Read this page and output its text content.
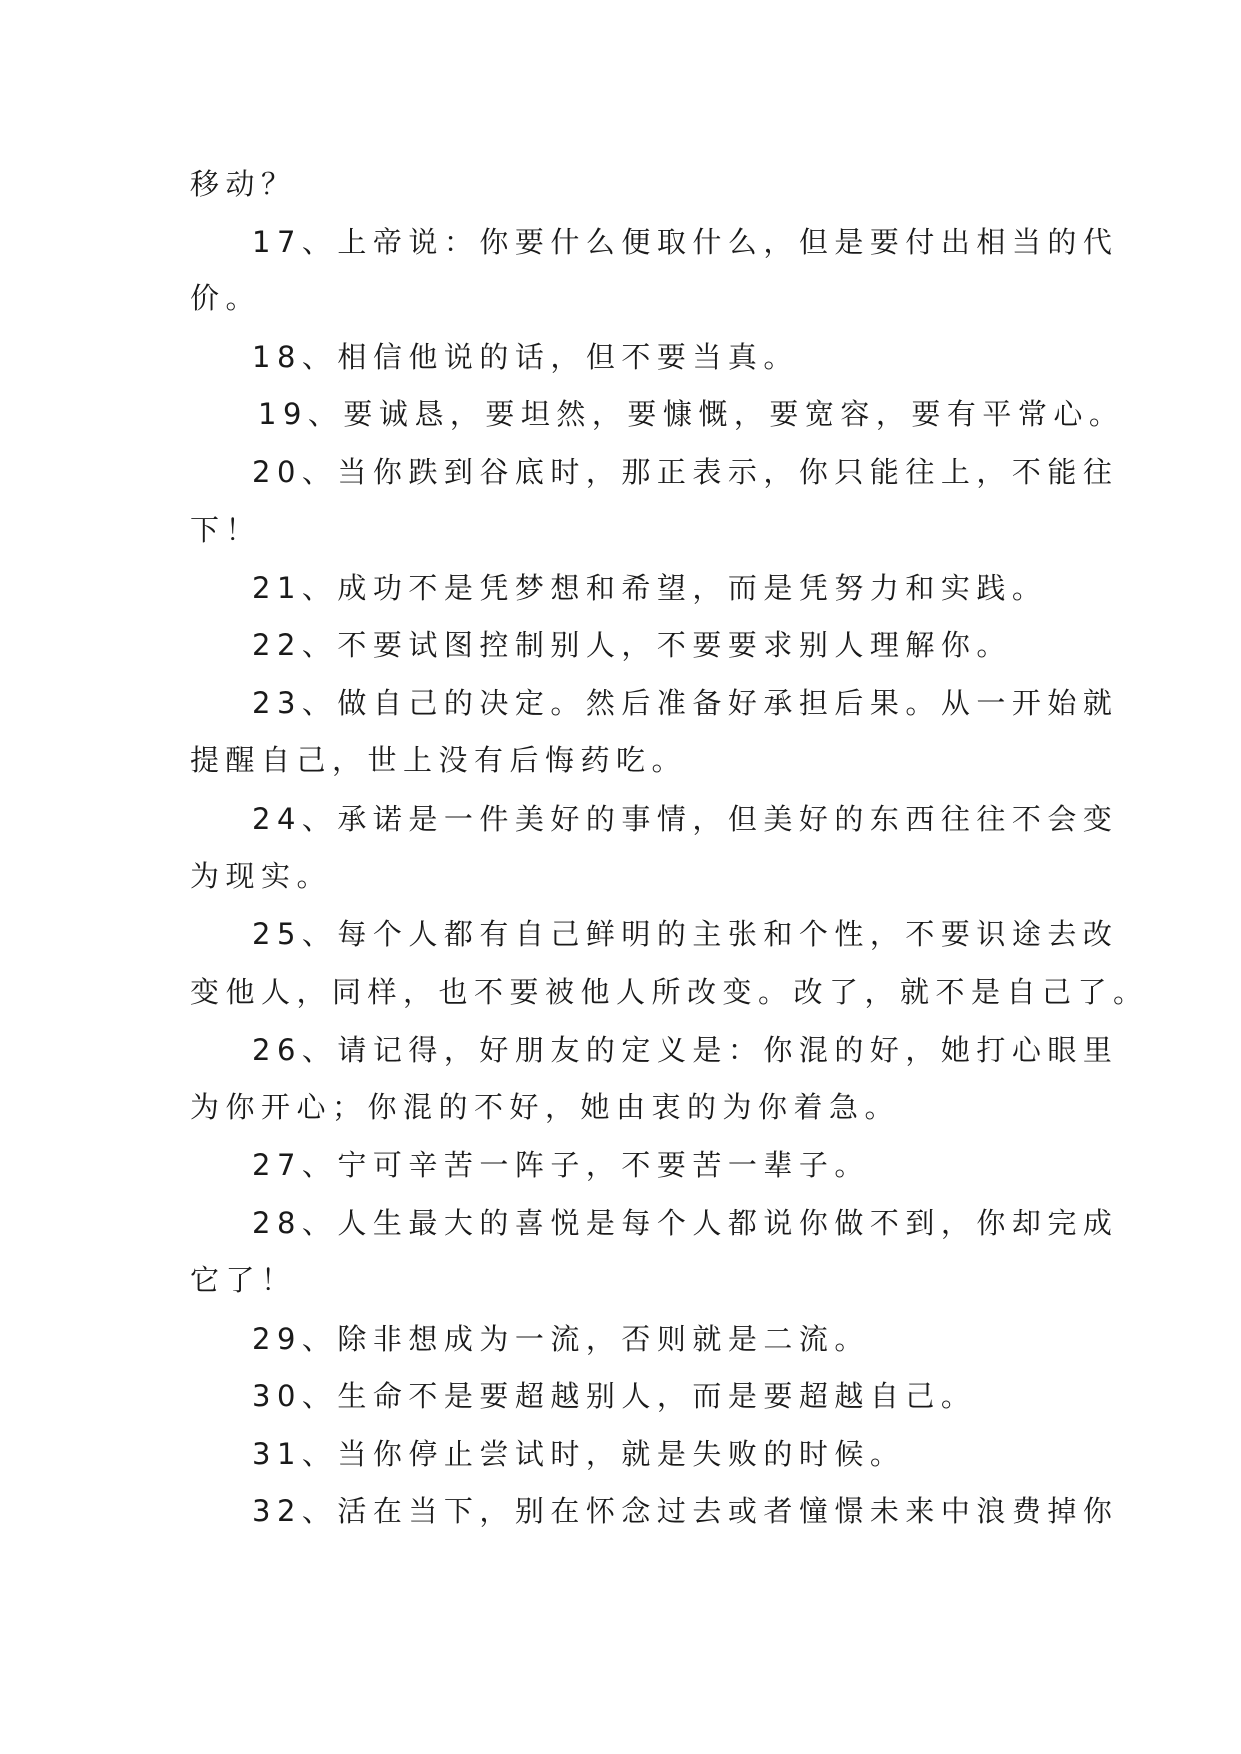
移动？

17、上帝说：你要什么便取什么，但是要付出相当的代

价。

18、相信他说的话，但不要当真。

19、要诚恳，要坦然，要慷慨，要宽容，要有平常心。

20、当你跌到谷底时，那正表示，你只能往上，不能往

下！

21、成功不是凭梦想和希望，而是凭努力和实践。

22、不要试图控制别人，不要要求别人理解你。

23、做自己的决定。然后准备好承担后果。从一开始就

提醒自己，世上没有后悔药吃。

24、承诺是一件美好的事情，但美好的东西往往不会变

为现实。

25、每个人都有自己鲜明的主张和个性，不要识途去改

变他人，同样，也不要被他人所改变。改了，就不是自己了。

26、请记得，好朋友的定义是：你混的好，她打心眼里

为你开心；你混的不好，她由衷的为你着急。

27、宁可辛苦一阵子，不要苦一辈子。

28、人生最大的喜悦是每个人都说你做不到，你却完成

它了！

29、除非想成为一流，否则就是二流。

30、生命不是要超越别人，而是要超越自己。

31、当你停止尝试时，就是失败的时候。

32、活在当下，别在怀念过去或者憧憬未来中浪费掉你
